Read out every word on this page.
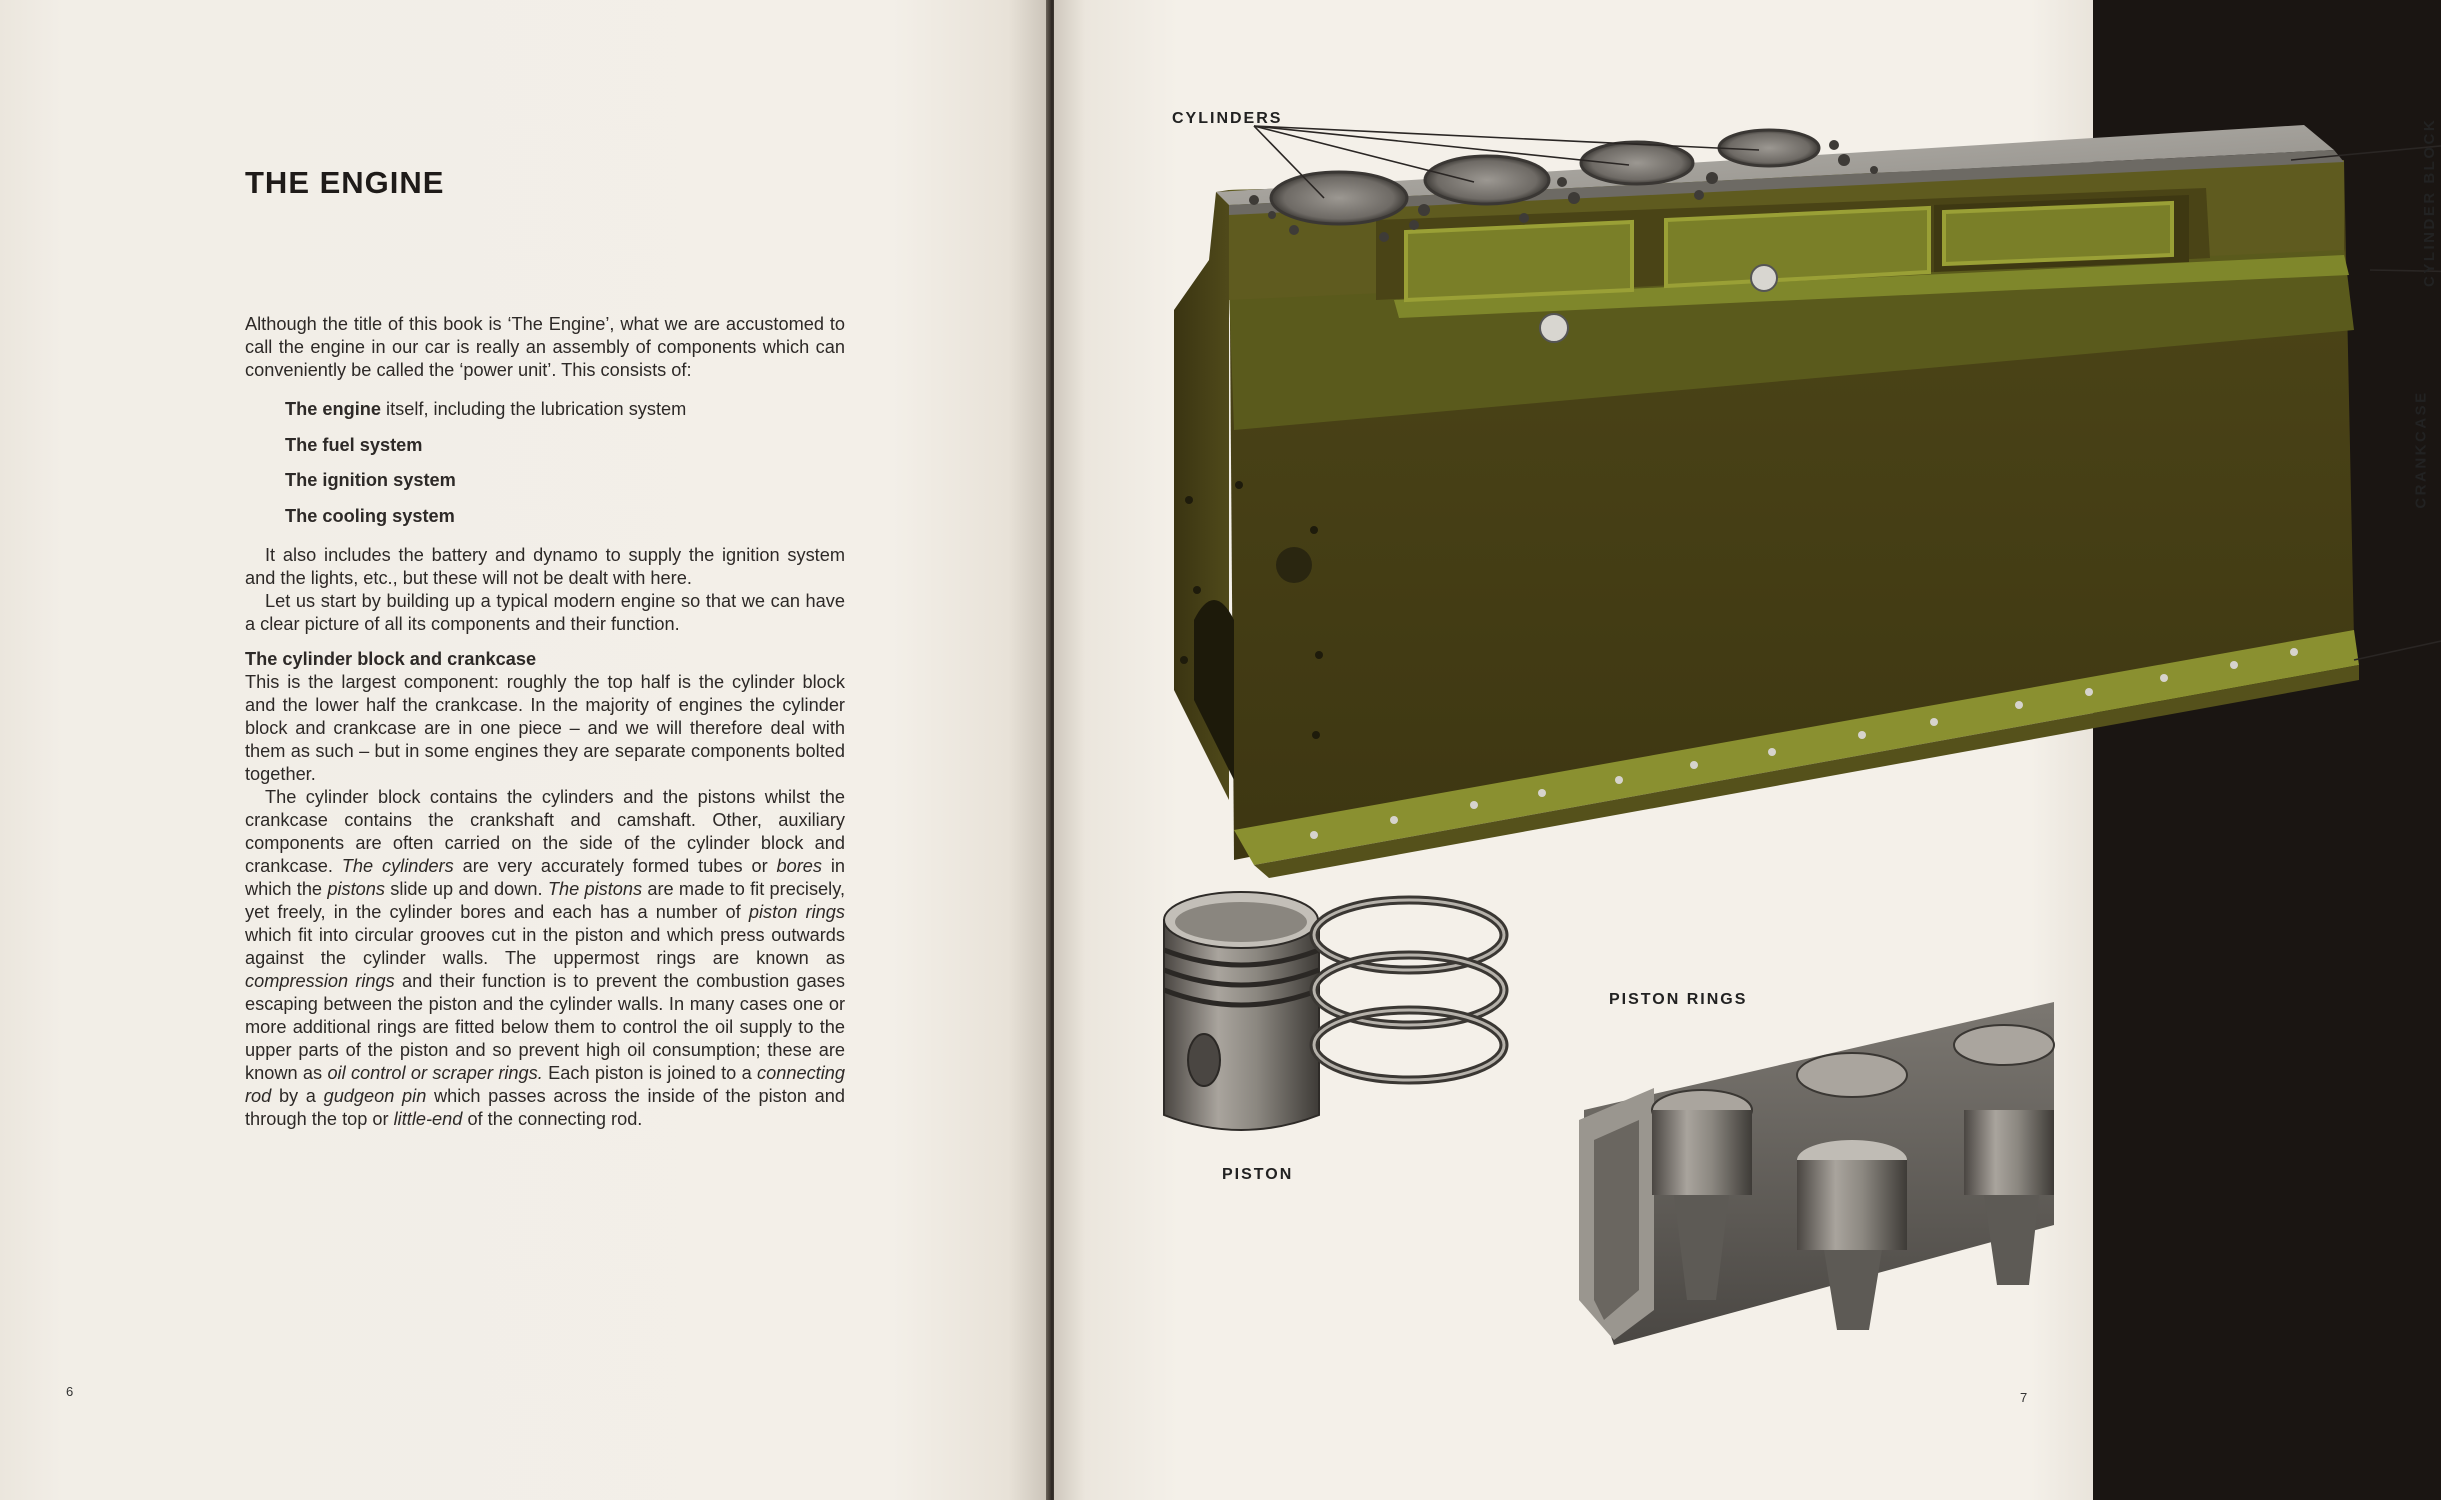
THE ENGINE

Although the title of this book is ‘The Engine’, what we are accustomed to call the engine in our car is really an assembly of components which can conveniently be called the ‘power unit’. This consists of:

The engine itself, including the lubrication system
The fuel system
The ignition system
The cooling system

It also includes the battery and dynamo to supply the ignition system and the lights, etc., but these will not be dealt with here.

Let us start by building up a typical modern engine so that we can have a clear picture of all its components and their function.

The cylinder block and crankcase

This is the largest component: roughly the top half is the cylinder block and the lower half the crankcase. In the majority of engines the cylinder block and crankcase are in one piece – and we will therefore deal with them as such – but in some engines they are separate components bolted together.

The cylinder block contains the cylinders and the pistons whilst the crankcase contains the crankshaft and camshaft. Other, auxiliary components are often carried on the side of the cylinder block and crankcase. The cylinders are very accurately formed tubes or bores in which the pistons slide up and down. The pistons are made to fit precisely, yet freely, in the cylinder bores and each has a number of piston rings which fit into circular grooves cut in the piston and which press outwards against the cylinder walls. The uppermost rings are known as compression rings and their function is to prevent the combustion gases escaping between the piston and the cylinder walls. In many cases one or more additional rings are fitted below them to control the oil supply to the upper parts of the piston and so prevent high oil consumption; these are known as oil control or scraper rings. Each piston is joined to a connecting rod by a gudgeon pin which passes across the inside of the piston and through the top or little-end of the connecting rod.

6
CYLINDERS	CYLINDER BLOCK
CRANKCASE
PISTON RINGS
PISTON
7
